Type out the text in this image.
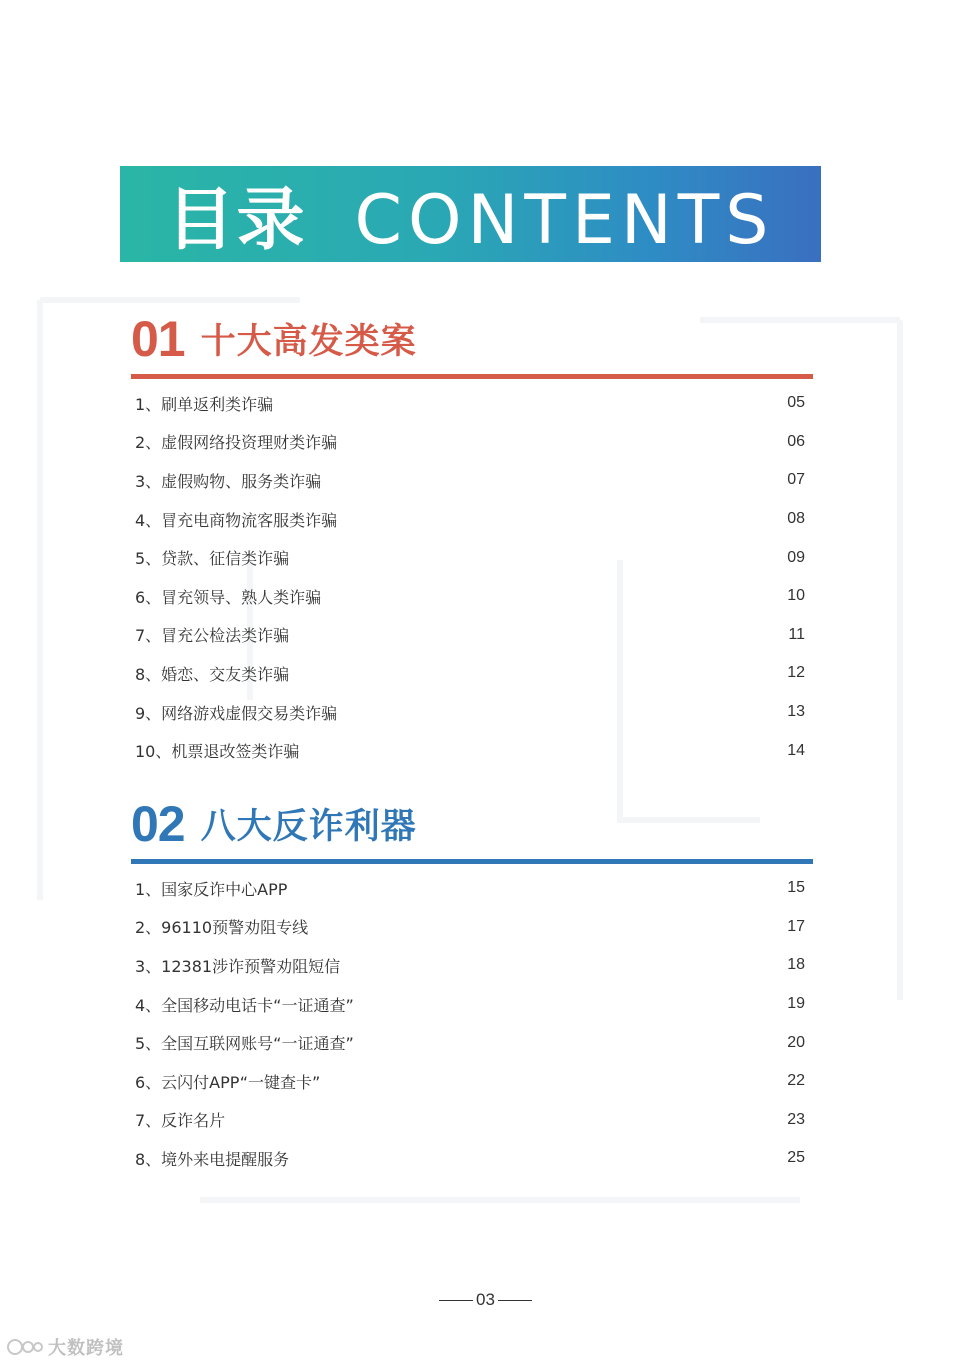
目录 CONTENTS
01 十大高发类案
1、刷单返利类诈骗	05
2、虚假网络投资理财类诈骗	06
3、虚假购物、服务类诈骗	07
4、冒充电商物流客服类诈骗	08
5、贷款、征信类诈骗	09
6、冒充领导、熟人类诈骗	10
7、冒充公检法类诈骗	11
8、婚恋、交友类诈骗	12
9、网络游戏虚假交易类诈骗	13
10、机票退改签类诈骗	14
02 八大反诈利器
1、国家反诈中心APP	15
2、96110预警劝阻专线	17
3、12381涉诈预警劝阻短信	18
4、全国移动电话卡“一证通查”	19
5、全国互联网账号“一证通查”	20
6、云闪付APP“一键查卡”	22
7、反诈名片	23
8、境外来电提醒服务	25
03
大数跨境
